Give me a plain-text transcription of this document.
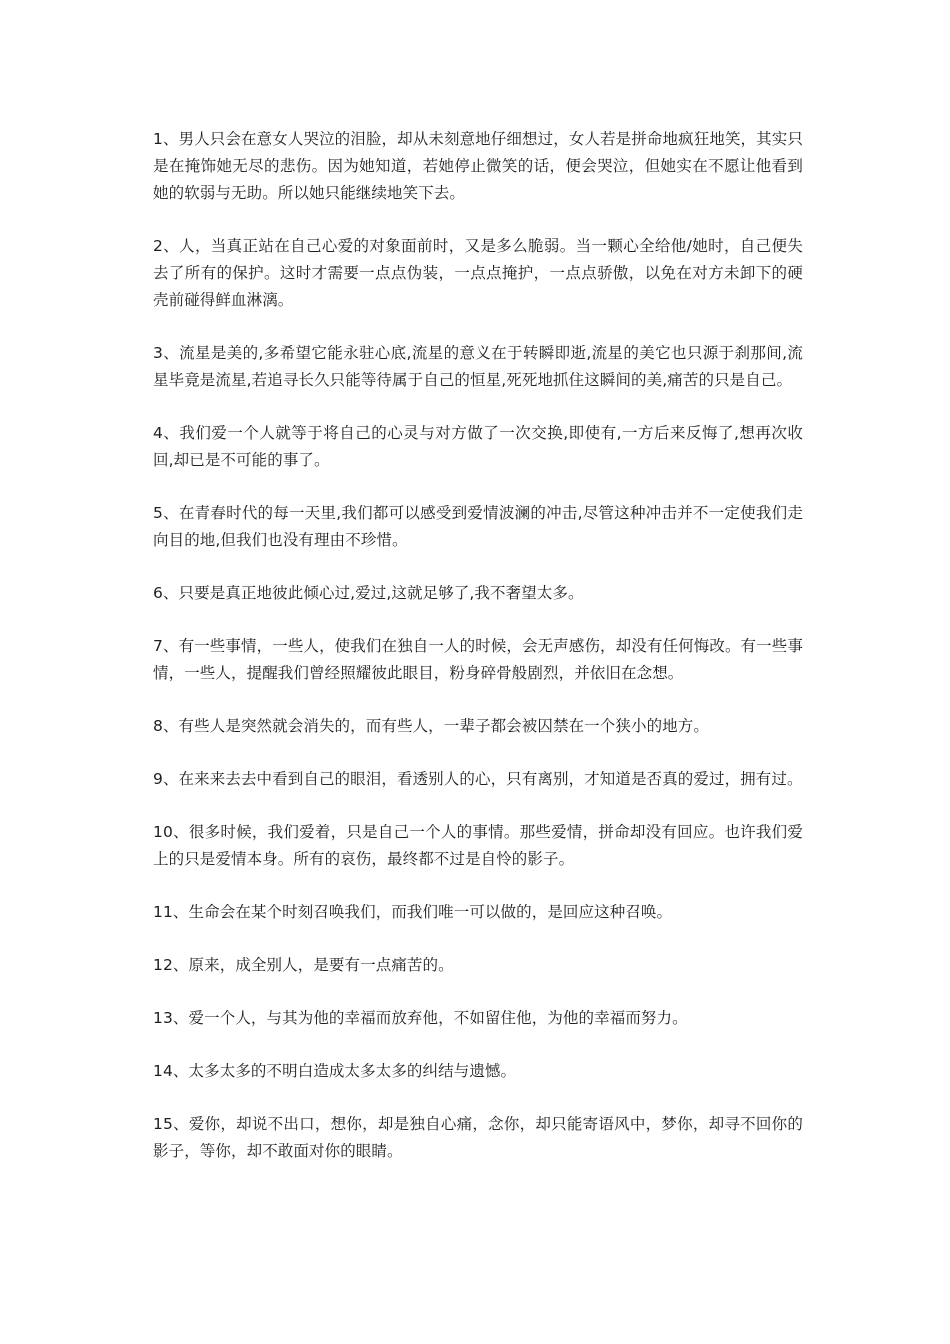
1、男人只会在意女人哭泣的泪脸，却从未刻意地仔细想过，女人若是拼命地疯狂地笑，其实只是在掩饰她无尽的悲伤。因为她知道，若她停止微笑的话，便会哭泣，但她实在不愿让他看到她的软弱与无助。所以她只能继续地笑下去。

2、人，当真正站在自己心爱的对象面前时，又是多么脆弱。当一颗心全给他/她时，自己便失去了所有的保护。这时才需要一点点伪装，一点点掩护，一点点骄傲，以免在对方未卸下的硬壳前碰得鲜血淋漓。

3、流星是美的,多希望它能永驻心底,流星的意义在于转瞬即逝,流星的美它也只源于刹那间,流星毕竟是流星,若追寻长久只能等待属于自己的恒星,死死地抓住这瞬间的美,痛苦的只是自己。

4、我们爱一个人就等于将自己的心灵与对方做了一次交换,即使有,一方后来反悔了,想再次收回,却已是不可能的事了。

5、在青春时代的每一天里,我们都可以感受到爱情波澜的冲击,尽管这种冲击并不一定使我们走向目的地,但我们也没有理由不珍惜。

6、只要是真正地彼此倾心过,爱过,这就足够了,我不奢望太多。

7、有一些事情，一些人，使我们在独自一人的时候，会无声感伤，却没有任何悔改。有一些事情，一些人，提醒我们曾经照耀彼此眼目，粉身碎骨般剧烈，并依旧在念想。

8、有些人是突然就会消失的，而有些人，一辈子都会被囚禁在一个狭小的地方。

9、在来来去去中看到自己的眼泪，看透别人的心，只有离别，才知道是否真的爱过，拥有过。

10、很多时候，我们爱着，只是自己一个人的事情。那些爱情，拼命却没有回应。也许我们爱上的只是爱情本身。所有的哀伤，最终都不过是自怜的影子。

11、生命会在某个时刻召唤我们，而我们唯一可以做的，是回应这种召唤。

12、原来，成全别人，是要有一点痛苦的。

13、爱一个人，与其为他的幸福而放弃他，不如留住他，为他的幸福而努力。

14、太多太多的不明白造成太多太多的纠结与遗憾。

15、爱你，却说不出口，想你，却是独自心痛，念你，却只能寄语风中，梦你，却寻不回你的影子，等你，却不敢面对你的眼睛。
